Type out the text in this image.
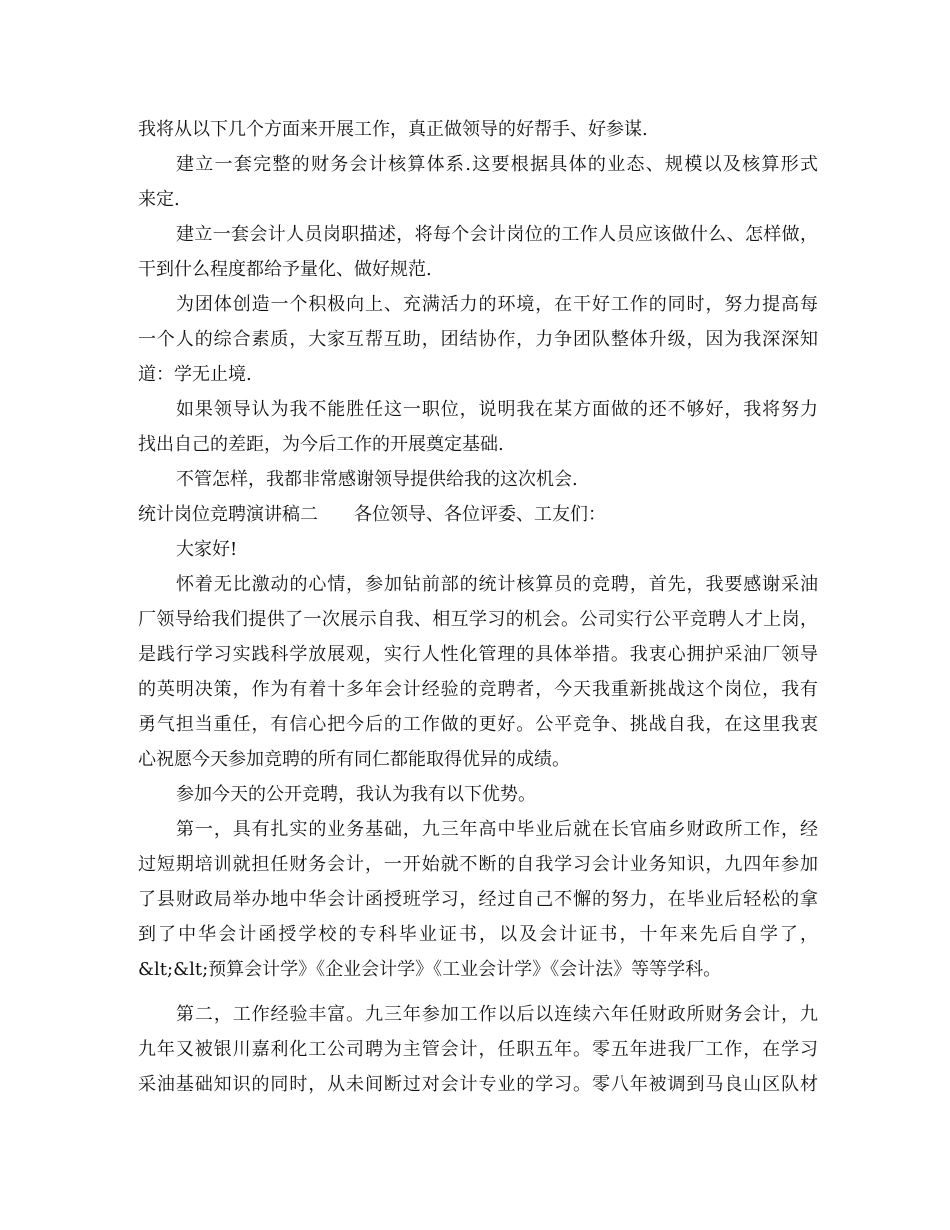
我将从以下几个方面来开展工作，真正做领导的好帮手、好参谋.
建立一套完整的财务会计核算体系.这要根据具体的业态、规模以及核算形式
来定.
建立一套会计人员岗职描述，将每个会计岗位的工作人员应该做什么、怎样做，
干到什么程度都给予量化、做好规范.
为团体创造一个积极向上、充满活力的环境，在干好工作的同时，努力提高每
一个人的综合素质，大家互帮互助，团结协作，力争团队整体升级，因为我深深知
道：学无止境.
如果领导认为我不能胜任这一职位，说明我在某方面做的还不够好，我将努力
找出自己的差距，为今后工作的开展奠定基础.
不管怎样，我都非常感谢领导提供给我的这次机会.
统计岗位竞聘演讲稿二　　各位领导、各位评委、工友们：
大家好!
怀着无比激动的心情，参加钻前部的统计核算员的竞聘，首先，我要感谢采油
厂领导给我们提供了一次展示自我、相互学习的机会。公司实行公平竞聘人才上岗，
是践行学习实践科学放展观，实行人性化管理的具体举措。我衷心拥护采油厂领导
的英明决策，作为有着十多年会计经验的竞聘者，今天我重新挑战这个岗位，我有
勇气担当重任，有信心把今后的工作做的更好。公平竞争、挑战自我，在这里我衷
心祝愿今天参加竞聘的所有同仁都能取得优异的成绩。
参加今天的公开竞聘，我认为我有以下优势。
第一，具有扎实的业务基础，九三年高中毕业后就在长官庙乡财政所工作，经
过短期培训就担任财务会计，一开始就不断的自我学习会计业务知识，九四年参加
了县财政局举办地中华会计函授班学习，经过自己不懈的努力，在毕业后轻松的拿
到了中华会计函授学校的专科毕业证书，以及会计证书，十年来先后自学了，
&lt;&lt;预算会计学》《企业会计学》《工业会计学》《会计法》等等学科。
第二，工作经验丰富。九三年参加工作以后以连续六年任财政所财务会计，九
九年又被银川嘉利化工公司聘为主管会计，任职五年。零五年进我厂工作，在学习
采油基础知识的同时，从未间断过对会计专业的学习。零八年被调到马良山区队材
